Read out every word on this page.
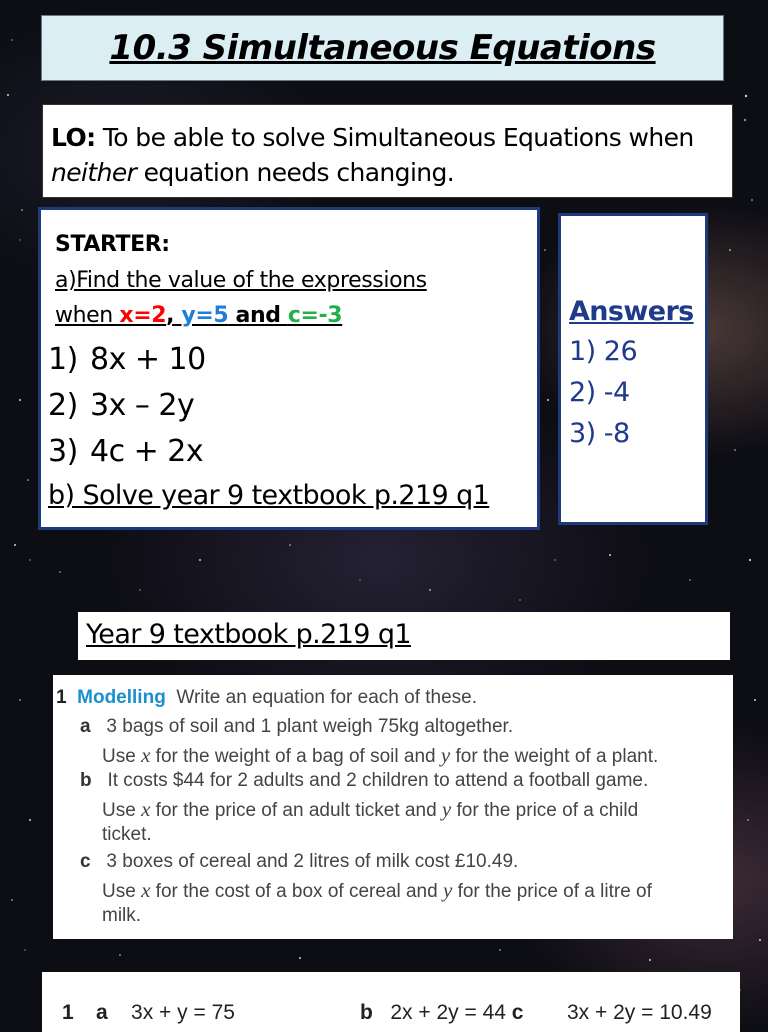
10.3 Simultaneous Equations
LO: To be able to solve Simultaneous Equations when
neither equation needs changing.
STARTER:
a)Find the value of the expressions
when x=2, y=5 and c=-3
1) 8x + 10
2) 3x – 2y
3) 4c + 2x
b) Solve year 9 textbook p.219 q1
Answers
1) 26
2) -4
3) -8
Year 9 textbook p.219 q1
1 Modelling Write an equation for each of these.
a 3 bags of soil and 1 plant weigh 75kg altogether.
Use x for the weight of a bag of soil and y for the weight of a plant.
b It costs $44 for 2 adults and 2 children to attend a football game.
Use x for the price of an adult ticket and y for the price of a child
ticket.
c 3 boxes of cereal and 2 litres of milk cost £10.49.
Use x for the cost of a box of cereal and y for the price of a litre of
milk.
1 a 3x + y = 75	b 2x + 2y = 44 c 3x + 2y = 10.49
